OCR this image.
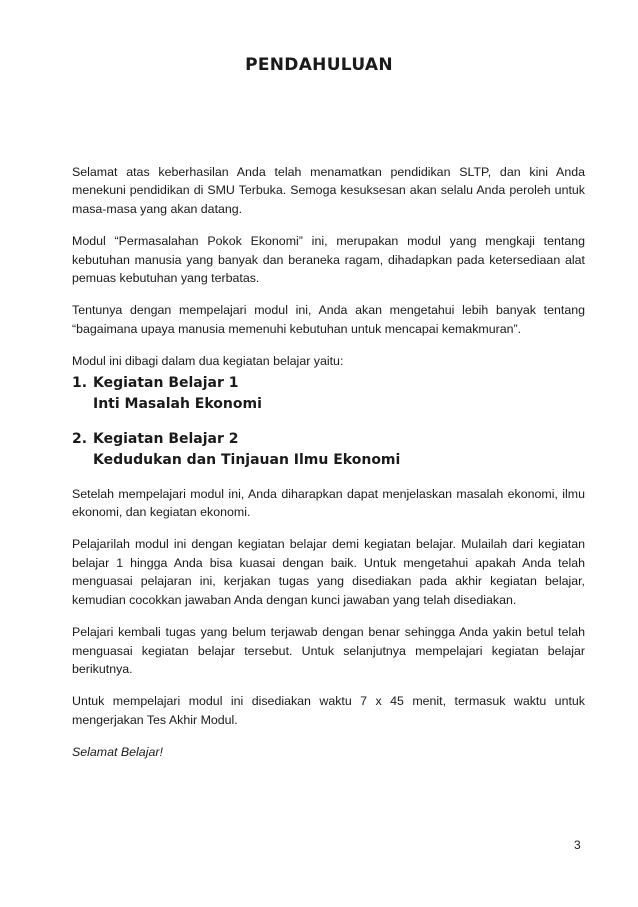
PENDAHULUAN

Selamat atas keberhasilan Anda telah menamatkan pendidikan SLTP, dan kini Anda menekuni pendidikan di SMU Terbuka. Semoga kesuksesan akan selalu Anda peroleh untuk masa-masa yang akan datang.

Modul “Permasalahan Pokok Ekonomi” ini, merupakan modul yang mengkaji tentang kebutuhan manusia yang banyak dan beraneka ragam, dihadapkan pada ketersediaan alat pemuas kebutuhan yang terbatas.

Tentunya dengan mempelajari modul ini, Anda akan mengetahui lebih banyak tentang “bagaimana upaya manusia memenuhi kebutuhan untuk mencapai kemakmuran”.

Modul ini dibagi dalam dua kegiatan belajar yaitu:

1. Kegiatan Belajar 1
Inti Masalah Ekonomi
2. Kegiatan Belajar 2
Kedudukan dan Tinjauan Ilmu Ekonomi

Setelah mempelajari modul ini, Anda diharapkan dapat menjelaskan masalah ekonomi, ilmu ekonomi, dan kegiatan ekonomi.

Pelajarilah modul ini dengan kegiatan belajar demi kegiatan belajar. Mulailah dari kegiatan belajar 1 hingga Anda bisa kuasai dengan baik. Untuk mengetahui apakah Anda telah menguasai pelajaran ini, kerjakan tugas yang disediakan pada akhir kegiatan belajar, kemudian cocokkan jawaban Anda dengan kunci jawaban yang telah disediakan.

Pelajari kembali tugas yang belum terjawab dengan benar sehingga Anda yakin betul telah menguasai kegiatan belajar tersebut. Untuk selanjutnya mempelajari kegiatan belajar berikutnya.

Untuk mempelajari modul ini disediakan waktu 7 x 45 menit, termasuk waktu untuk mengerjakan Tes Akhir Modul.

Selamat Belajar!

3
